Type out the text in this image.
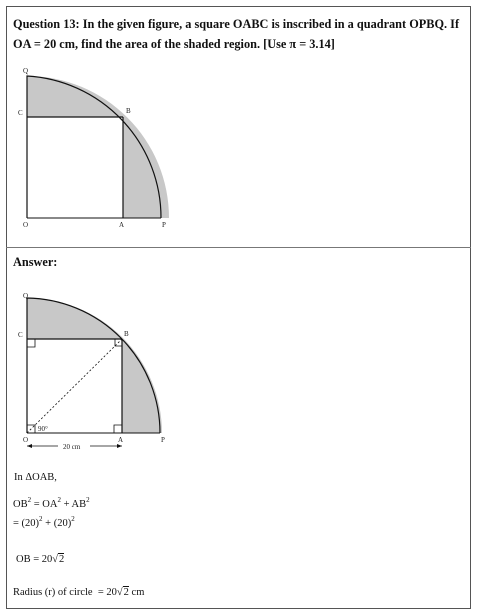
Question 13: In the given figure, a square OABC is inscribed in a quadrant OPBQ. If OA = 20 cm, find the area of the shaded region. [Use π = 3.14]
Q
C	B
O	A	P
Answer:
90°
20 cm
Q
C	B
O	A	P
In ΔOAB,
$OB^2 = OA^2 + AB^2$
= $(20)^2 + (20)^2$
OB = 20√2
Radius (r) of circle = 20√2 cm
